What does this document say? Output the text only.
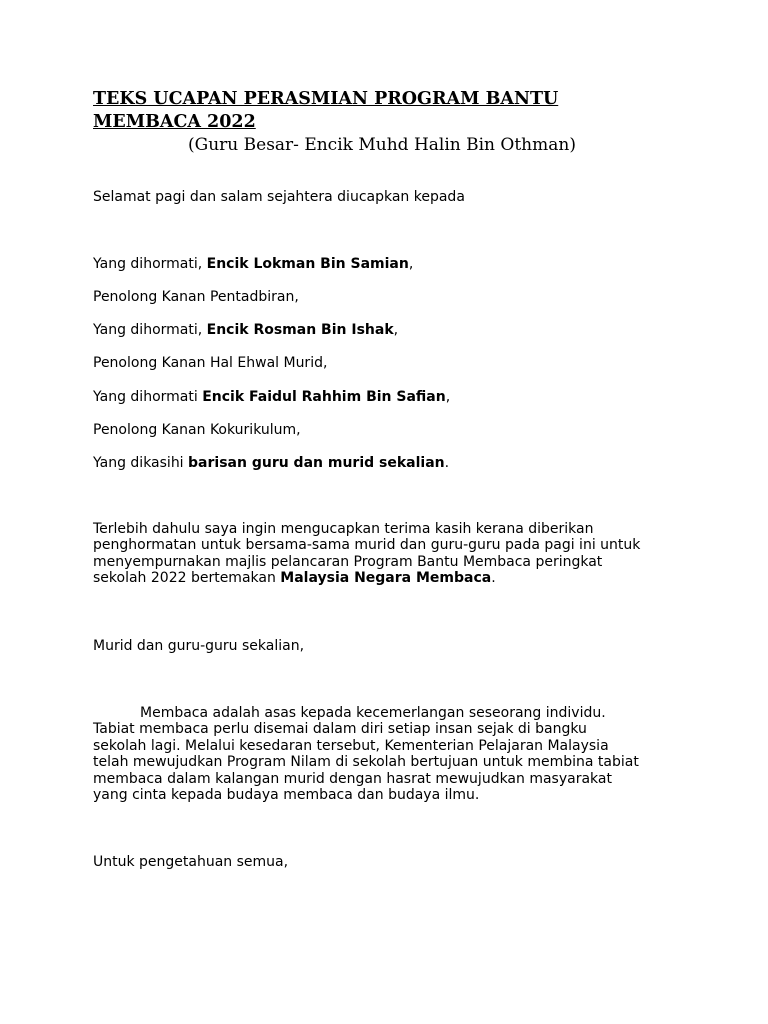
TEKS UCAPAN PERASMIAN PROGRAM BANTU MEMBACA 2022

(Guru Besar- Encik Muhd Halin Bin Othman)

Selamat pagi dan salam sejahtera diucapkan kepada

Yang dihormati, Encik Lokman Bin Samian,

Penolong Kanan Pentadbiran,

Yang dihormati, Encik Rosman Bin Ishak,

Penolong Kanan Hal Ehwal Murid,

Yang dihormati Encik Faidul Rahhim Bin Safian,

Penolong Kanan Kokurikulum,

Yang dikasihi barisan guru dan murid sekalian.

Terlebih dahulu saya ingin mengucapkan terima kasih kerana diberikan
penghormatan untuk bersama-sama murid dan guru-guru pada pagi ini untuk
menyempurnakan majlis pelancaran Program Bantu Membaca peringkat
sekolah 2022 bertemakan Malaysia Negara Membaca.

Murid dan guru-guru sekalian,

Membaca adalah asas kepada kecemerlangan seseorang individu.
Tabiat membaca perlu disemai dalam diri setiap insan sejak di bangku
sekolah lagi. Melalui kesedaran tersebut, Kementerian Pelajaran Malaysia
telah mewujudkan Program Nilam di sekolah bertujuan untuk membina tabiat
membaca dalam kalangan murid dengan hasrat mewujudkan masyarakat
yang cinta kepada budaya membaca dan budaya ilmu.

Untuk pengetahuan semua,
